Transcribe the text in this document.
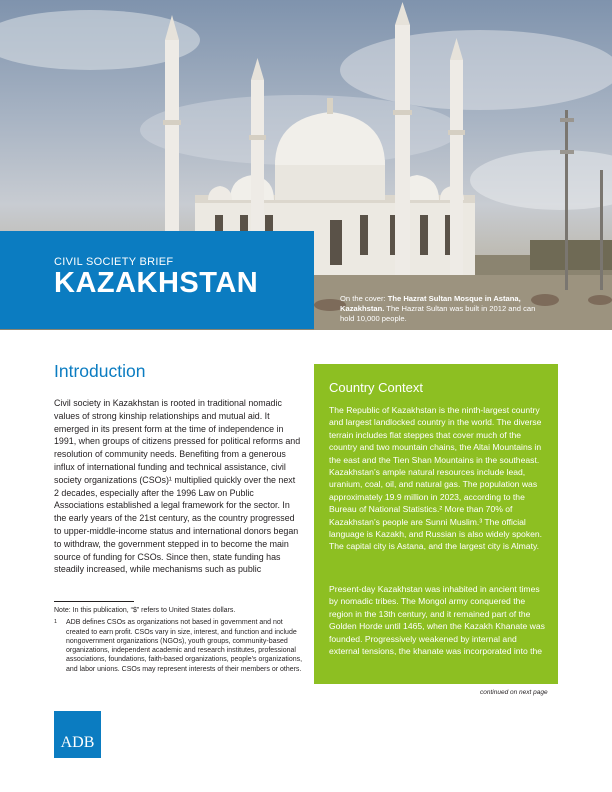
CIVIL SOCIETY BRIEF
KAZAKHSTAN	On the cover: The Hazrat Sultan Mosque in Astana, Kazakhstan. The Hazrat Sultan was built in 2012 and can hold 10,000 people.
Introduction
Civil society in Kazakhstan is rooted in traditional nomadic values of strong kinship relationships and mutual aid. It emerged in its present form at the time of independence in 1991, when groups of citizens pressed for political reforms and resolution of community needs. Benefiting from a generous influx of international funding and technical assistance, civil society organizations (CSOs)¹ multiplied quickly over the next 2 decades, especially after the 1996 Law on Public Associations established a legal framework for the sector. In the early years of the 21st century, as the country progressed to upper-middle-income status and international donors began to withdraw, the government stepped in to become the main source of funding for CSOs. Since then, state funding has steadily increased, while mechanisms such as public
Note: In this publication, “$” refers to United States dollars.
1 ADB defines CSOs as organizations not based in government and not created to earn profit. CSOs vary in size, interest, and function and include nongovernment organizations (NGOs), youth groups, community-based organizations, independent academic and research institutes, professional associations, foundations, faith-based organizations, people’s organizations, and labor unions. CSOs may represent interests of their members or others.
Country Context
The Republic of Kazakhstan is the ninth-largest country and largest landlocked country in the world. The diverse terrain includes flat steppes that cover much of the country and two mountain chains, the Altai Mountains in the east and the Tien Shan Mountains in the southeast. Kazakhstan’s ample natural resources include lead, uranium, coal, oil, and natural gas. The population was approximately 19.9 million in 2023, according to the Bureau of National Statistics.² More than 70% of Kazakhstan’s people are Sunni Muslim.³ The official language is Kazakh, and Russian is also widely spoken. The capital city is Astana, and the largest city is Almaty.
Present-day Kazakhstan was inhabited in ancient times by nomadic tribes. The Mongol army conquered the region in the 13th century, and it remained part of the Golden Horde until 1465, when the Kazakh Khanate was founded. Progressively weakened by internal and external tensions, the khanate was incorporated into the
continued on next page
ADB
